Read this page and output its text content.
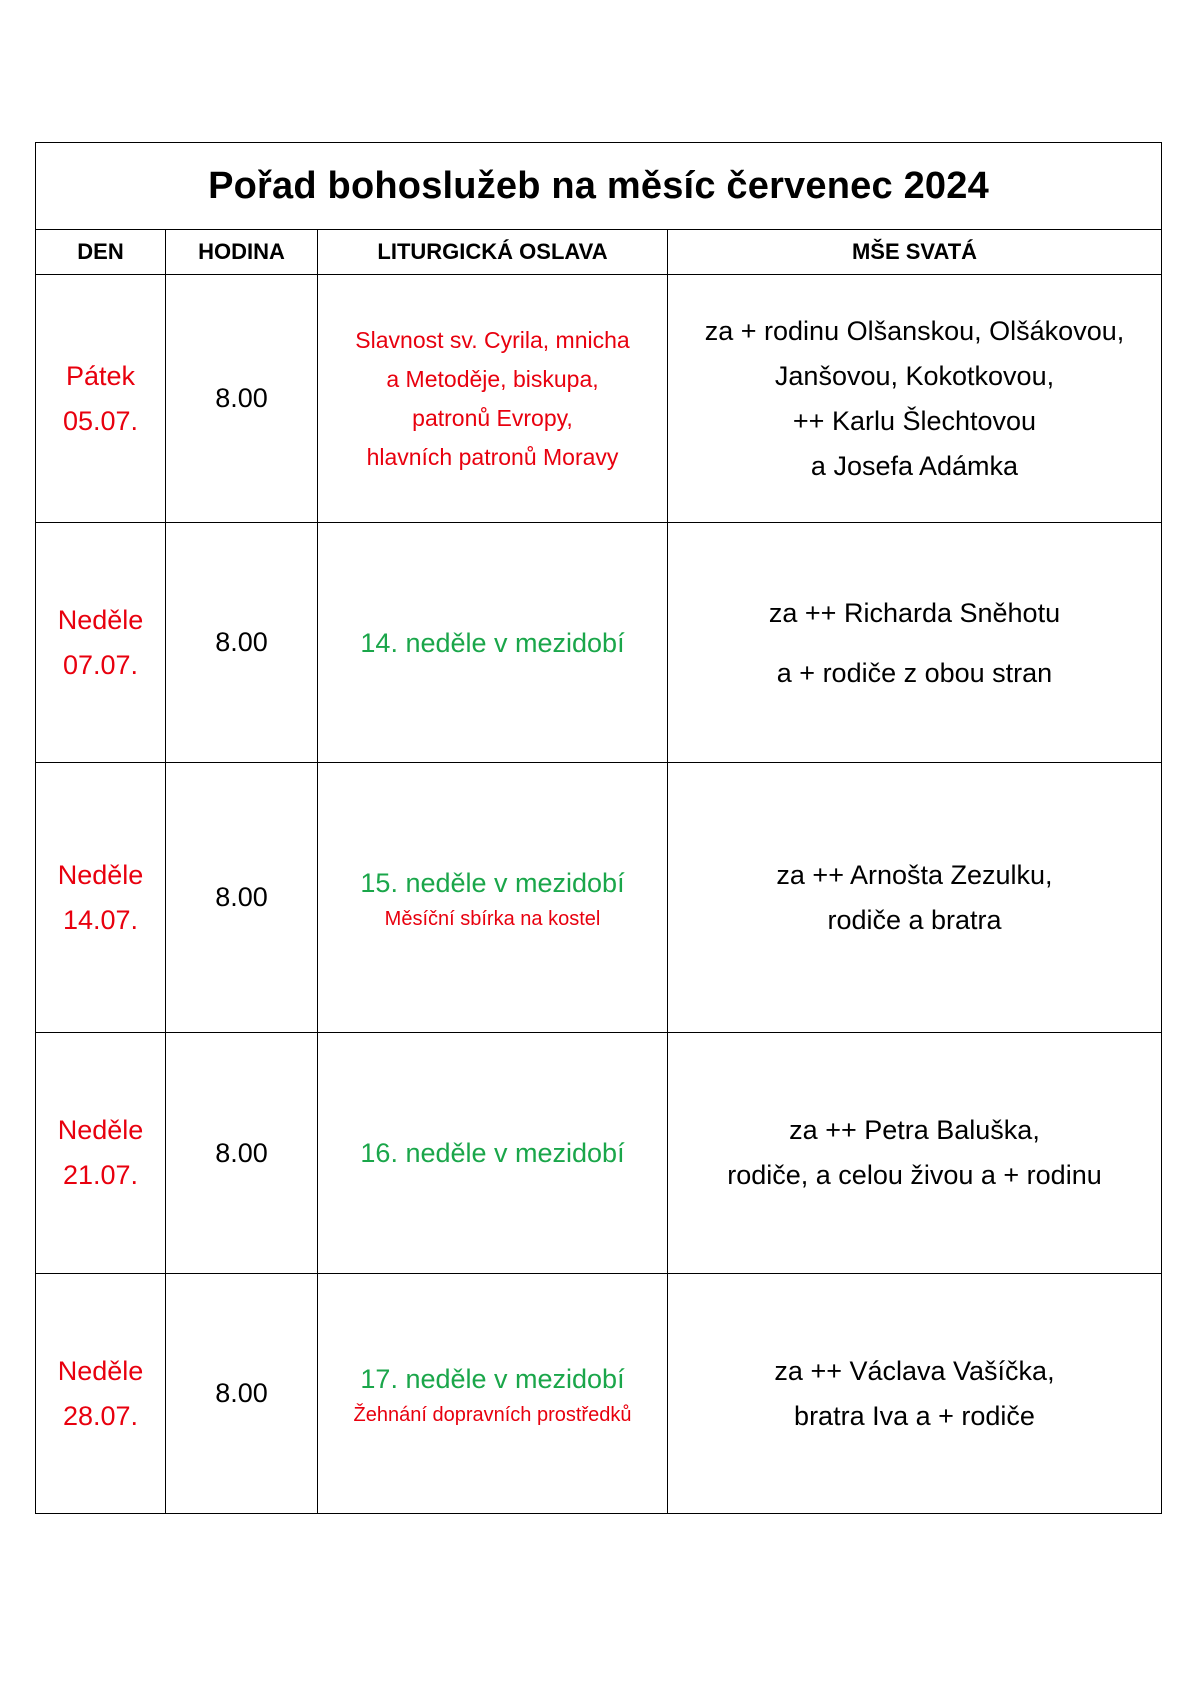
Pořad bohoslužeb na měsíc červenec 2024			
DEN	HODINA	LITURGICKÁ OSLAVA	MŠE SVATÁ

Pátek
05.07.	8.00	Slavnost sv. Cyrila, mnicha
a Metoděje, biskupa,
patronů Evropy,
hlavních patronů Moravy	za + rodinu Olšanskou, Olšákovou,
Janšovou, Kokotkovou,
++ Karlu Šlechtovou
a Josefa Adámka

Neděle
07.07.	8.00	14. neděle v mezidobí	za ++ Richarda Sněhotu
a + rodiče z obou stran

Neděle
14.07.	8.00	15. neděle v mezidobí
Měsíční sbírka na kostel	za ++ Arnošta Zezulku,
rodiče a bratra

Neděle
21.07.	8.00	16. neděle v mezidobí	za ++ Petra Baluška,
rodiče, a celou živou a + rodinu

Neděle
28.07.	8.00	17. neděle v mezidobí
Žehnání dopravních prostředků	za ++ Václava Vašíčka,
bratra Iva a + rodiče
